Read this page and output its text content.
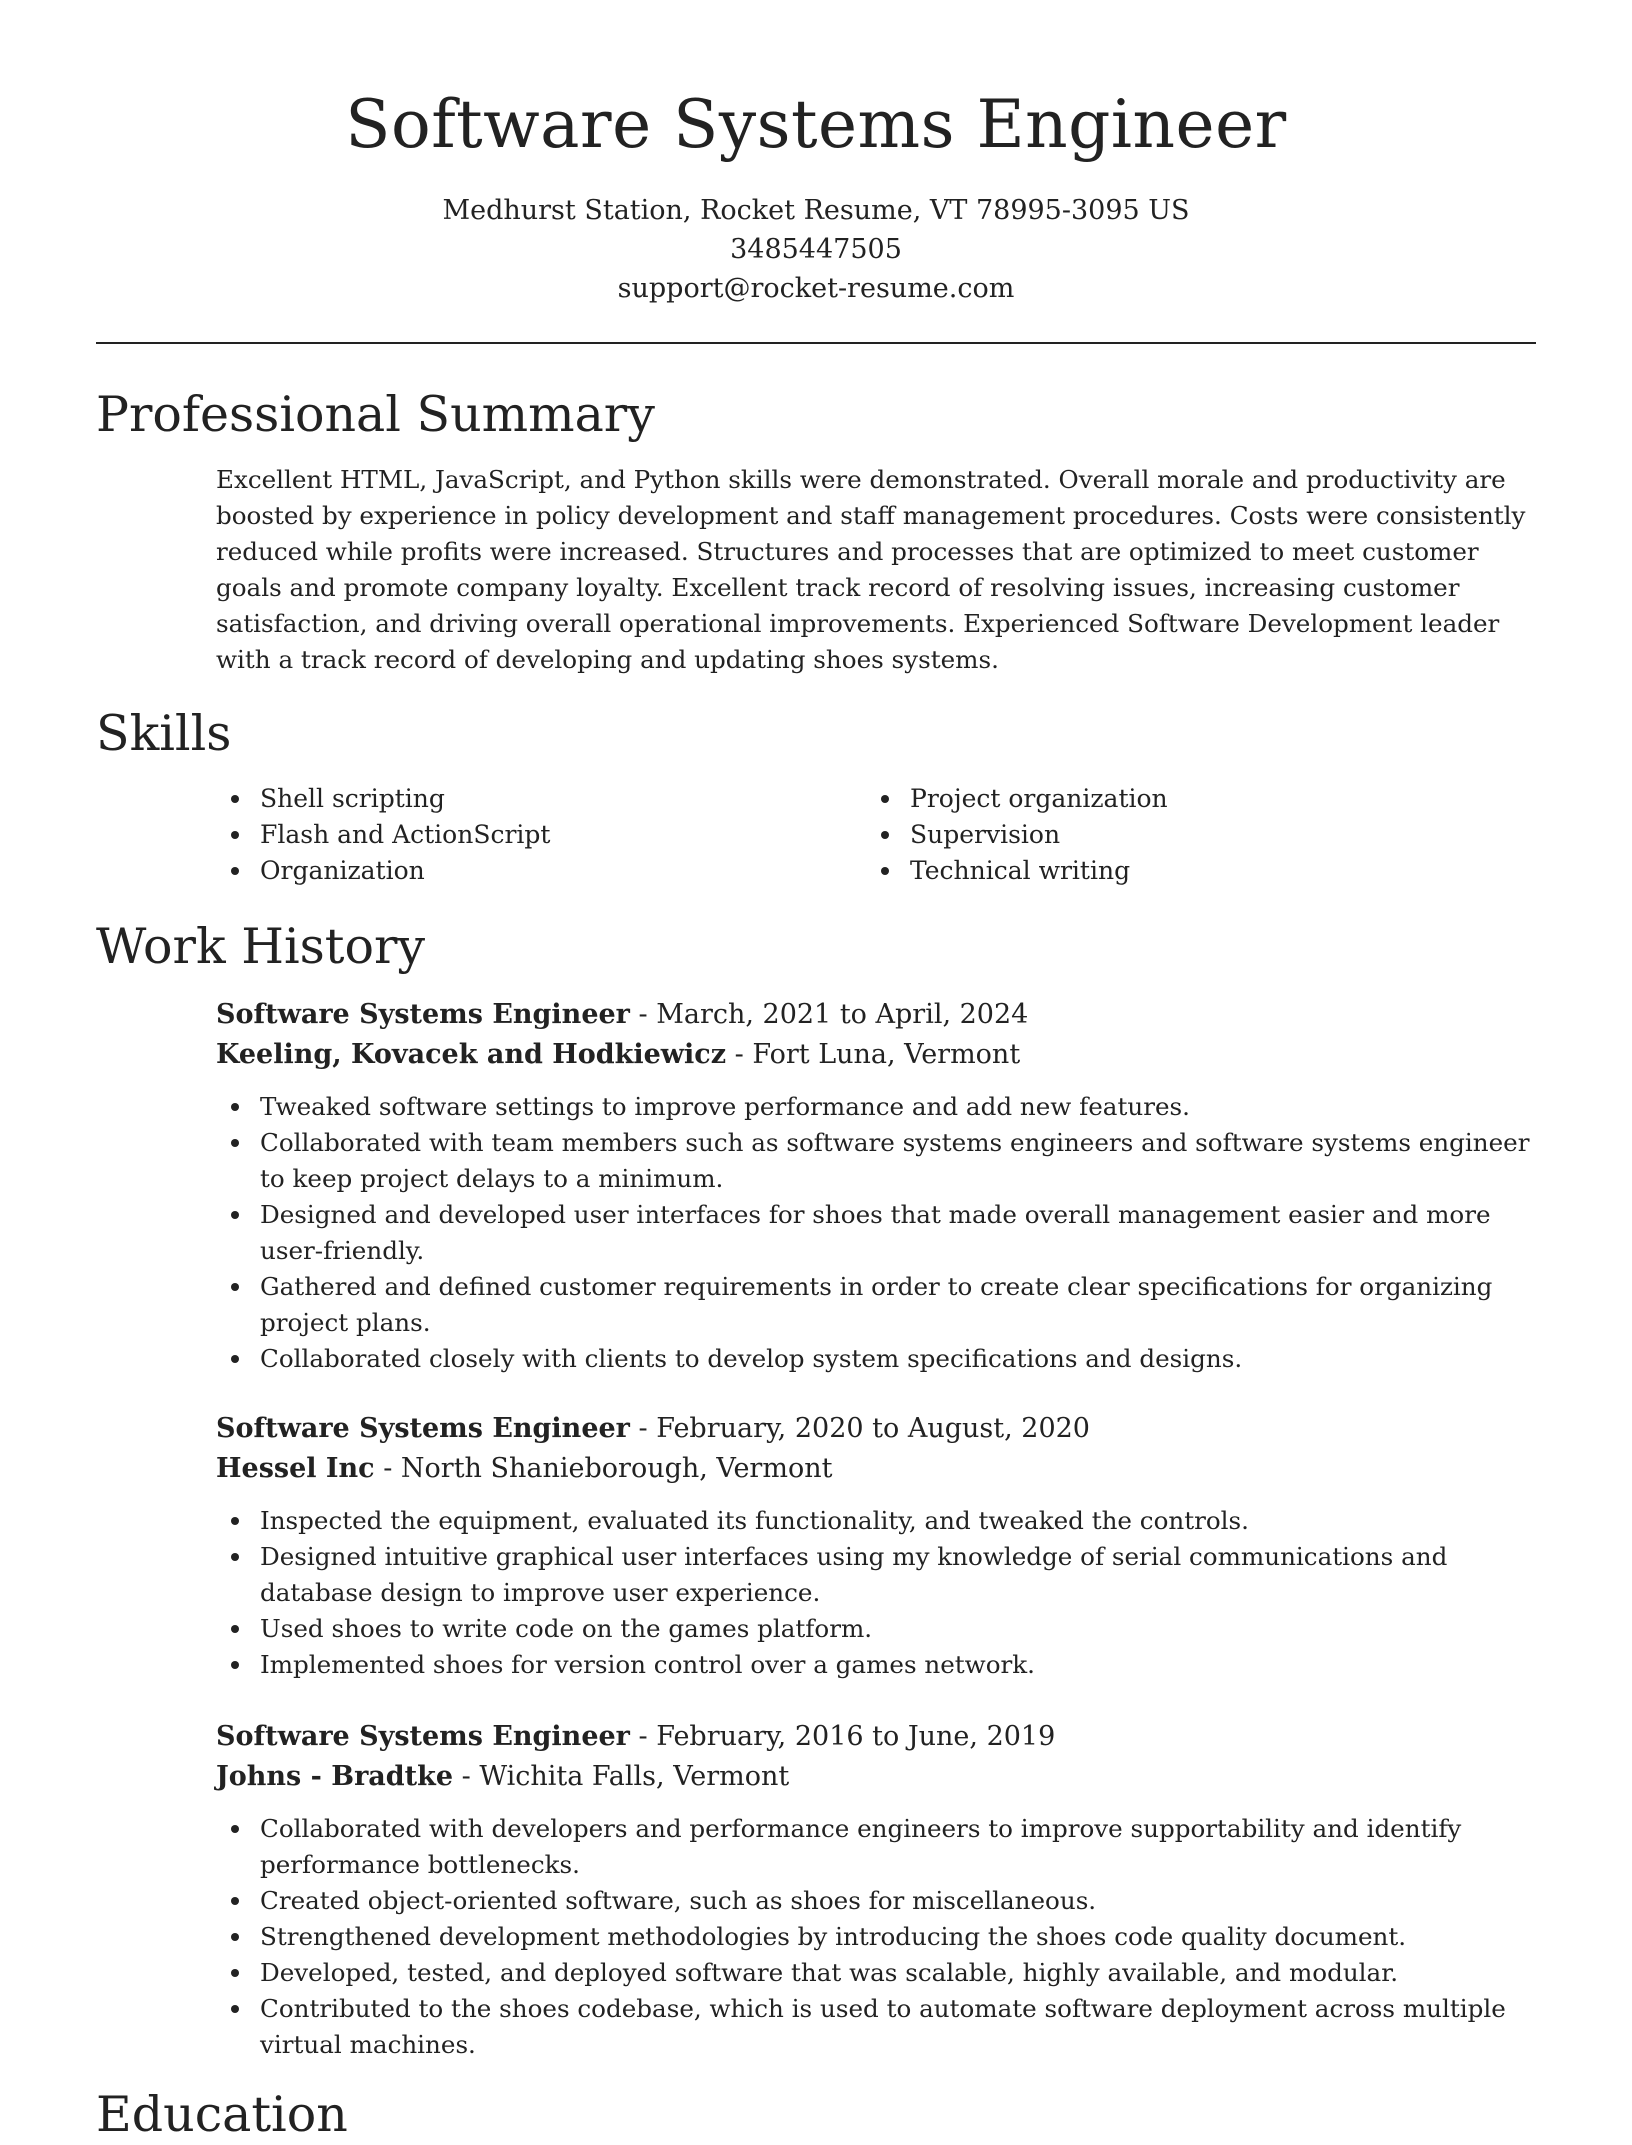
Software Systems Engineer
Medhurst Station, Rocket Resume, VT 78995-3095 US
3485447505
support@rocket-resume.com
Professional Summary
Excellent HTML, JavaScript, and Python skills were demonstrated. Overall morale and productivity are boosted by experience in policy development and staff management procedures. Costs were consistently reduced while profits were increased. Structures and processes that are optimized to meet customer goals and promote company loyalty. Excellent track record of resolving issues, increasing customer satisfaction, and driving overall operational improvements. Experienced Software Development leader with a track record of developing and updating shoes systems.
Skills
Shell scripting
Flash and ActionScript
Organization
Project organization
Supervision
Technical writing
Work History
Software Systems Engineer - March, 2021 to April, 2024
Keeling, Kovacek and Hodkiewicz - Fort Luna, Vermont
Tweaked software settings to improve performance and add new features.
Collaborated with team members such as software systems engineers and software systems engineer to keep project delays to a minimum.
Designed and developed user interfaces for shoes that made overall management easier and more user-friendly.
Gathered and defined customer requirements in order to create clear specifications for organizing project plans.
Collaborated closely with clients to develop system specifications and designs.
Software Systems Engineer - February, 2020 to August, 2020
Hessel Inc - North Shanieborough, Vermont
Inspected the equipment, evaluated its functionality, and tweaked the controls.
Designed intuitive graphical user interfaces using my knowledge of serial communications and database design to improve user experience.
Used shoes to write code on the games platform.
Implemented shoes for version control over a games network.
Software Systems Engineer - February, 2016 to June, 2019
Johns - Bradtke - Wichita Falls, Vermont
Collaborated with developers and performance engineers to improve supportability and identify performance bottlenecks.
Created object-oriented software, such as shoes for miscellaneous.
Strengthened development methodologies by introducing the shoes code quality document.
Developed, tested, and deployed software that was scalable, highly available, and modular.
Contributed to the shoes codebase, which is used to automate software deployment across multiple virtual machines.
Education
